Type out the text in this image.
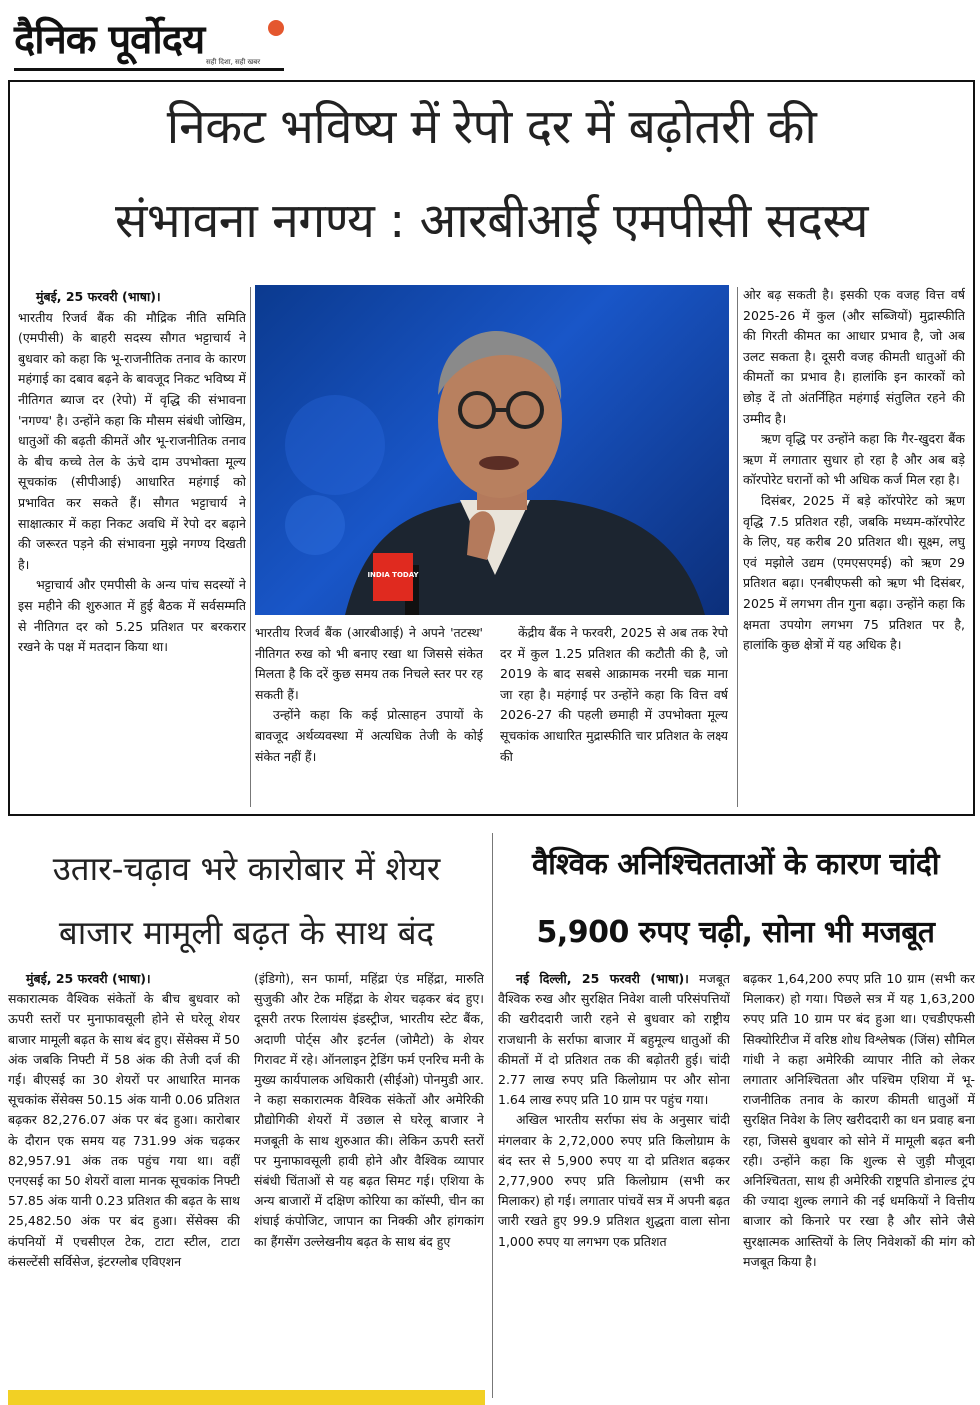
दैनिक पूर्वोदय सही दिशा, सही खबर
निकट भविष्य में रेपो दर में बढ़ोतरी की
संभावना नगण्य : आरबीआई एमपीसी सदस्य

मुंबई, 25 फरवरी (भाषा)।

भारतीय रिजर्व बैंक की मौद्रिक नीति समिति (एमपीसी) के बाहरी सदस्य सौगत भट्टाचार्य ने बुधवार को कहा कि भू-राजनीतिक तनाव के कारण महंगाई का दबाव बढ़ने के बावजूद निकट भविष्य में नीतिगत ब्याज दर (रेपो) में वृद्धि की संभावना 'नगण्य' है। उन्होंने कहा कि मौसम संबंधी जोखिम, धातुओं की बढ़ती कीमतें और भू-राजनीतिक तनाव के बीच कच्चे तेल के ऊंचे दाम उपभोक्ता मूल्य सूचकांक (सीपीआई) आधारित महंगाई को प्रभावित कर सकते हैं। सौगत भट्टाचार्य ने साक्षात्कार में कहा निकट अवधि में रेपो दर बढ़ाने की जरूरत पड़ने की संभावना मुझे नगण्य दिखती है।

भट्टाचार्य और एमपीसी के अन्य पांच सदस्यों ने इस महीने की शुरुआत में हुई बैठक में सर्वसम्मति से नीतिगत दर को 5.25 प्रतिशत पर बरकरार रखने के पक्ष में मतदान किया था।

INDIA TODAY

भारतीय रिजर्व बैंक (आरबीआई) ने अपने 'तटस्थ' नीतिगत रुख को भी बनाए रखा था जिससे संकेत मिलता है कि दरें कुछ समय तक निचले स्तर पर रह सकती हैं।

उन्होंने कहा कि कई प्रोत्साहन उपायों के बावजूद अर्थव्यवस्था में अत्यधिक तेजी के कोई संकेत नहीं हैं।

केंद्रीय बैंक ने फरवरी, 2025 से अब तक रेपो दर में कुल 1.25 प्रतिशत की कटौती की है, जो 2019 के बाद सबसे आक्रामक नरमी चक्र माना जा रहा है। महंगाई पर उन्होंने कहा कि वित्त वर्ष 2026-27 की पहली छमाही में उपभोक्ता मूल्य सूचकांक आधारित मुद्रास्फीति चार प्रतिशत के लक्ष्य की

ओर बढ़ सकती है। इसकी एक वजह वित्त वर्ष 2025-26 में कुल (और सब्जियों) मुद्रास्फीति की गिरती कीमत का आधार प्रभाव है, जो अब उलट सकता है। दूसरी वजह कीमती धातुओं की कीमतों का प्रभाव है। हालांकि इन कारकों को छोड़ दें तो अंतर्निहित महंगाई संतुलित रहने की उम्मीद है।

ऋण वृद्धि पर उन्होंने कहा कि गैर-खुदरा बैंक ऋण में लगातार सुधार हो रहा है और अब बड़े कॉरपोरेट घरानों को भी अधिक कर्ज मिल रहा है।

दिसंबर, 2025 में बड़े कॉरपोरेट को ऋण वृद्धि 7.5 प्रतिशत रही, जबकि मध्यम-कॉरपोरेट के लिए, यह करीब 20 प्रतिशत थी। सूक्ष्म, लघु एवं मझोले उद्यम (एमएसएमई) को ऋण 29 प्रतिशत बढ़ा। एनबीएफसी को ऋण भी दिसंबर, 2025 में लगभग तीन गुना बढ़ा। उन्होंने कहा कि क्षमता उपयोग लगभग 75 प्रतिशत पर है, हालांकि कुछ क्षेत्रों में यह अधिक है।

उतार-चढ़ाव भरे कारोबार में शेयर
बाजार मामूली बढ़त के साथ बंद

मुंबई, 25 फरवरी (भाषा)।

सकारात्मक वैश्विक संकेतों के बीच बुधवार को ऊपरी स्तरों पर मुनाफावसूली होने से घरेलू शेयर बाजार मामूली बढ़त के साथ बंद हुए। सेंसेक्स में 50 अंक जबकि निफ्टी में 58 अंक की तेजी दर्ज की गई। बीएसई का 30 शेयरों पर आधारित मानक सूचकांक सेंसेक्स 50.15 अंक यानी 0.06 प्रतिशत बढ़कर 82,276.07 अंक पर बंद हुआ। कारोबार के दौरान एक समय यह 731.99 अंक चढ़कर 82,957.91 अंक तक पहुंच गया था। वहीं एनएसई का 50 शेयरों वाला मानक सूचकांक निफ्टी 57.85 अंक यानी 0.23 प्रतिशत की बढ़त के साथ 25,482.50 अंक पर बंद हुआ। सेंसेक्स की कंपनियों में एचसीएल टेक, टाटा स्टील, टाटा कंसल्टेंसी सर्विसेज, इंटरग्लोब एविएशन

(इंडिगो), सन फार्मा, महिंद्रा एंड महिंद्रा, मारुति सुजुकी और टेक महिंद्रा के शेयर चढ़कर बंद हुए। दूसरी तरफ रिलायंस इंडस्ट्रीज, भारतीय स्टेट बैंक, अदाणी पोर्ट्स और इटर्नल (जोमैटो) के शेयर गिरावट में रहे। ऑनलाइन ट्रेडिंग फर्म एनरिच मनी के मुख्य कार्यपालक अधिकारी (सीईओ) पोनमुडी आर. ने कहा सकारात्मक वैश्विक संकेतों और अमेरिकी प्रौद्योगिकी शेयरों में उछाल से घरेलू बाजार ने मजबूती के साथ शुरुआत की। लेकिन ऊपरी स्तरों पर मुनाफावसूली हावी होने और वैश्विक व्यापार संबंधी चिंताओं से यह बढ़त सिमट गई। एशिया के अन्य बाजारों में दक्षिण कोरिया का कॉस्पी, चीन का शंघाई कंपोजिट, जापान का निक्की और हांगकांग का हैंगसेंग उल्लेखनीय बढ़त के साथ बंद हुए

वैश्विक अनिश्चितताओं के कारण चांदी
5,900 रुपए चढ़ी, सोना भी मजबूत

नई दिल्ली, 25 फरवरी (भाषा)। मजबूत वैश्विक रुख और सुरक्षित निवेश वाली परिसंपत्तियों की खरीददारी जारी रहने से बुधवार को राष्ट्रीय राजधानी के सर्राफा बाजार में बहुमूल्य धातुओं की कीमतों में दो प्रतिशत तक की बढ़ोतरी हुई। चांदी 2.77 लाख रुपए प्रति किलोग्राम पर और सोना 1.64 लाख रुपए प्रति 10 ग्राम पर पहुंच गया।

अखिल भारतीय सर्राफा संघ के अनुसार चांदी मंगलवार के 2,72,000 रुपए प्रति किलोग्राम के बंद स्तर से 5,900 रुपए या दो प्रतिशत बढ़कर 2,77,900 रुपए प्रति किलोग्राम (सभी कर मिलाकर) हो गई। लगातार पांचवें सत्र में अपनी बढ़त जारी रखते हुए 99.9 प्रतिशत शुद्धता वाला सोना 1,000 रुपए या लगभग एक प्रतिशत

बढ़कर 1,64,200 रुपए प्रति 10 ग्राम (सभी कर मिलाकर) हो गया। पिछले सत्र में यह 1,63,200 रुपए प्रति 10 ग्राम पर बंद हुआ था। एचडीएफसी सिक्योरिटीज में वरिष्ठ शोध विश्लेषक (जिंस) सौमिल गांधी ने कहा अमेरिकी व्यापार नीति को लेकर लगातार अनिश्चितता और पश्चिम एशिया में भू-राजनीतिक तनाव के कारण कीमती धातुओं में सुरक्षित निवेश के लिए खरीददारी का धन प्रवाह बना रहा, जिससे बुधवार को सोने में मामूली बढ़त बनी रही। उन्होंने कहा कि शुल्क से जुड़ी मौजूदा अनिश्चितता, साथ ही अमेरिकी राष्ट्रपति डोनाल्ड ट्रंप की ज्यादा शुल्क लगाने की नई धमकियों ने वित्तीय बाजार को किनारे पर रखा है और सोने जैसे सुरक्षात्मक आस्तियों के लिए निवेशकों की मांग को मजबूत किया है।
